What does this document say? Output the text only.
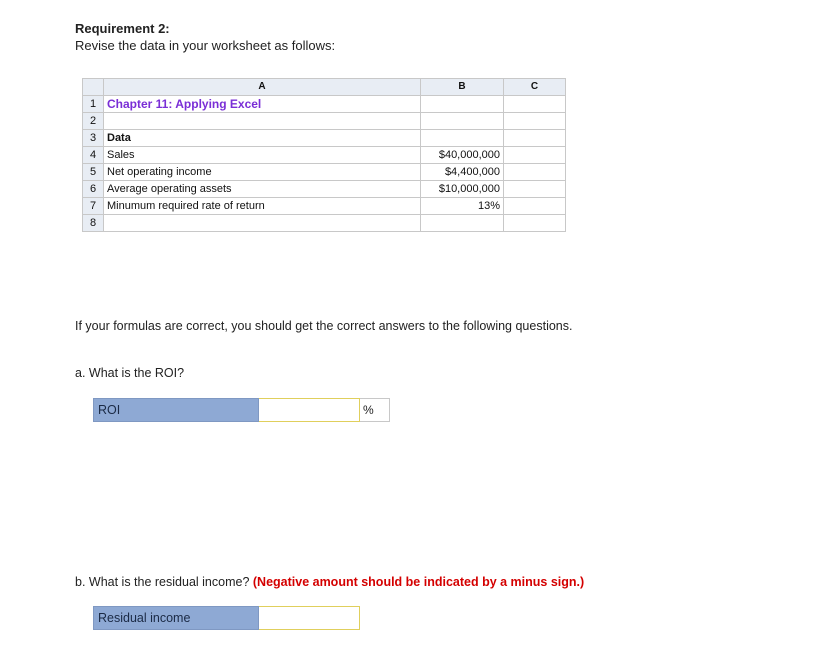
Requirement 2:
Revise the data in your worksheet as follows:
	A	B	C
1	Chapter 11: Applying Excel		
2			
3	Data		
4	Sales	$40,000,000	
5	Net operating income	$4,400,000	
6	Average operating assets	$10,000,000	
7	Minumum required rate of return	13%	
8			
If your formulas are correct, you should get the correct answers to the following questions.
a. What is the ROI?
ROI	%
b. What is the residual income? (Negative amount should be indicated by a minus sign.)
Residual income
